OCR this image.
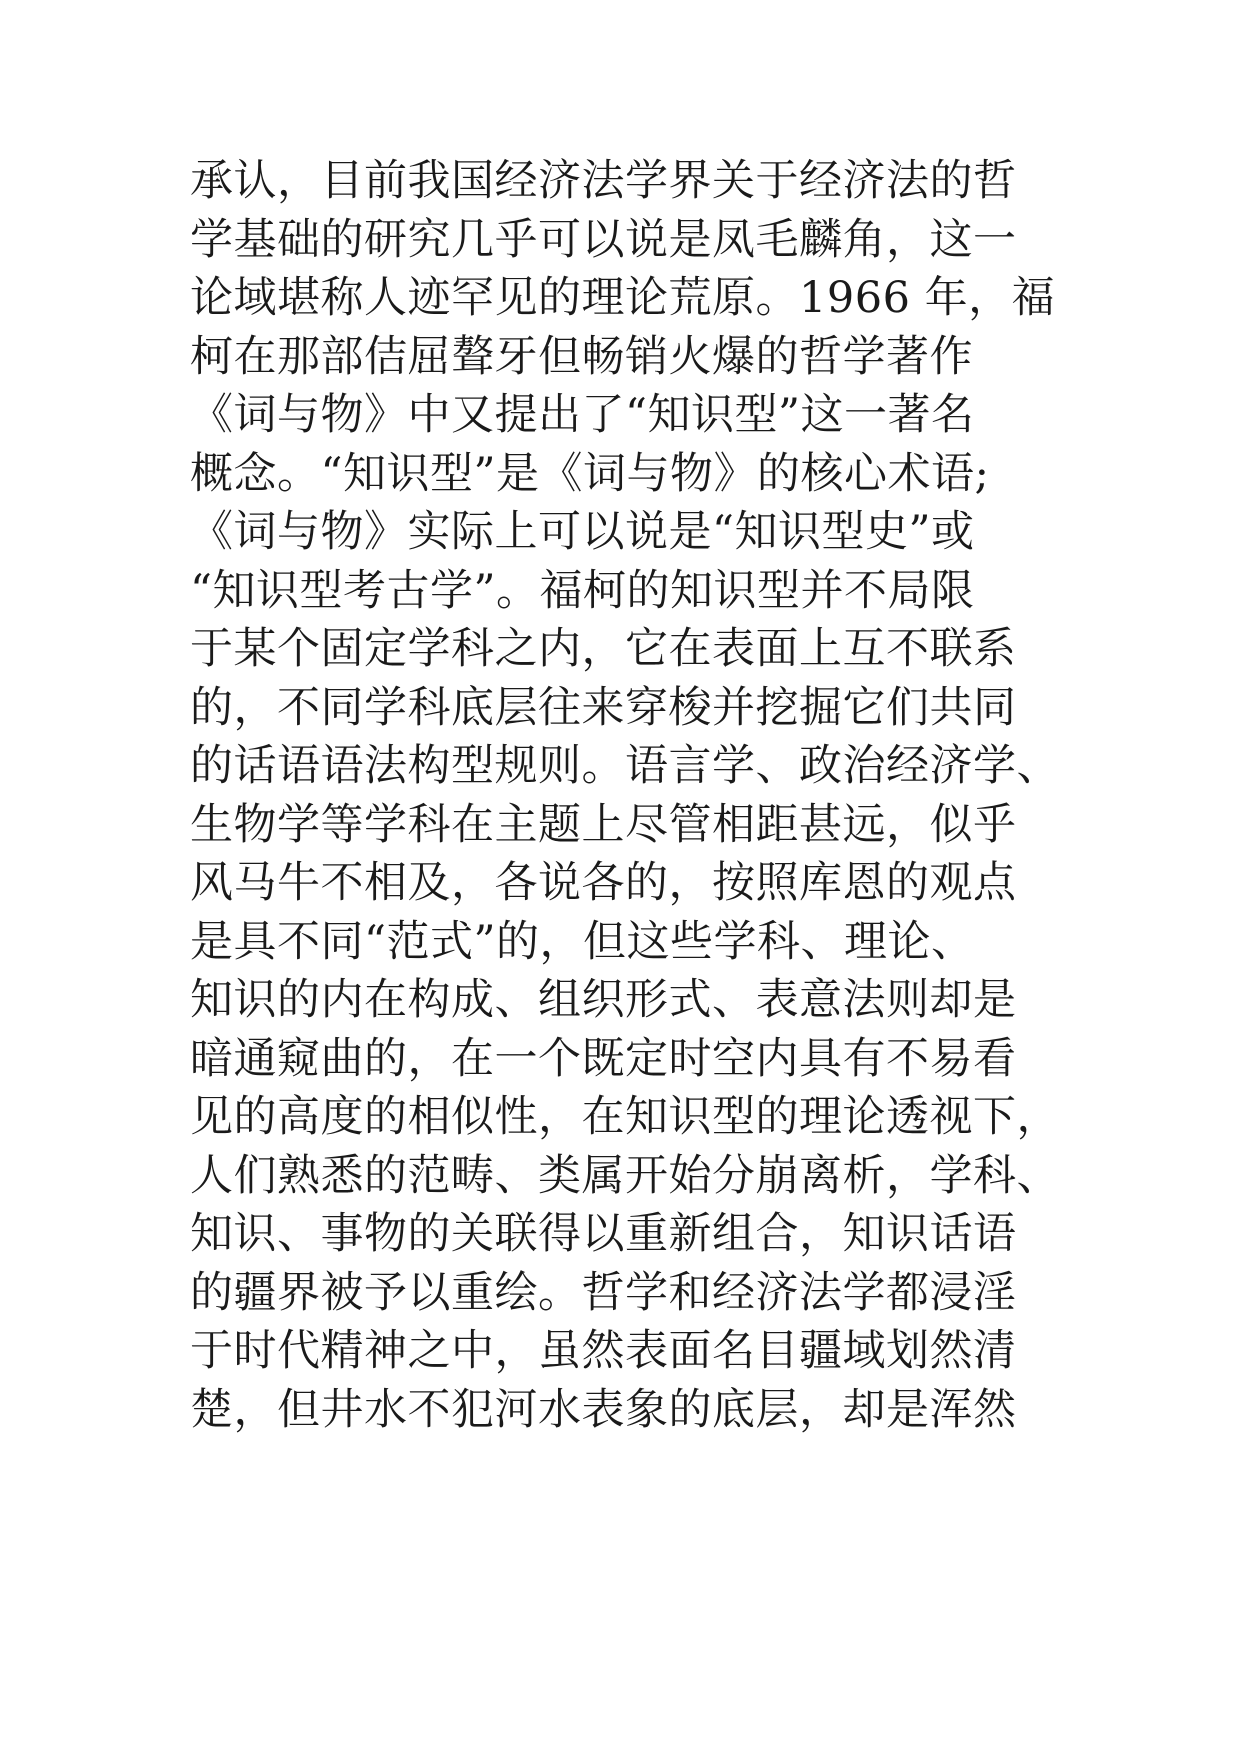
承认，目前我国经济法学界关于经济法的哲
学基础的研究几乎可以说是凤毛麟角，这一
论域堪称人迹罕见的理论荒原。1966 年，福
柯在那部佶屈聱牙但畅销火爆的哲学著作
《词与物》中又提出了“知识型”这一著名
概念。“知识型”是《词与物》的核心术语;
《词与物》实际上可以说是“知识型史”或
“知识型考古学”。福柯的知识型并不局限
于某个固定学科之内，它在表面上互不联系
的，不同学科底层往来穿梭并挖掘它们共同
的话语语法构型规则。语言学、政治经济学、
生物学等学科在主题上尽管相距甚远，似乎
风马牛不相及，各说各的，按照库恩的观点
是具不同“范式”的，但这些学科、理论、
知识的内在构成、组织形式、表意法则却是
暗通窥曲的，在一个既定时空内具有不易看
见的高度的相似性，在知识型的理论透视下，
人们熟悉的范畴、类属开始分崩离析，学科、
知识、事物的关联得以重新组合，知识话语
的疆界被予以重绘。哲学和经济法学都浸淫
于时代精神之中，虽然表面名目疆域划然清
楚，但井水不犯河水表象的底层，却是浑然
